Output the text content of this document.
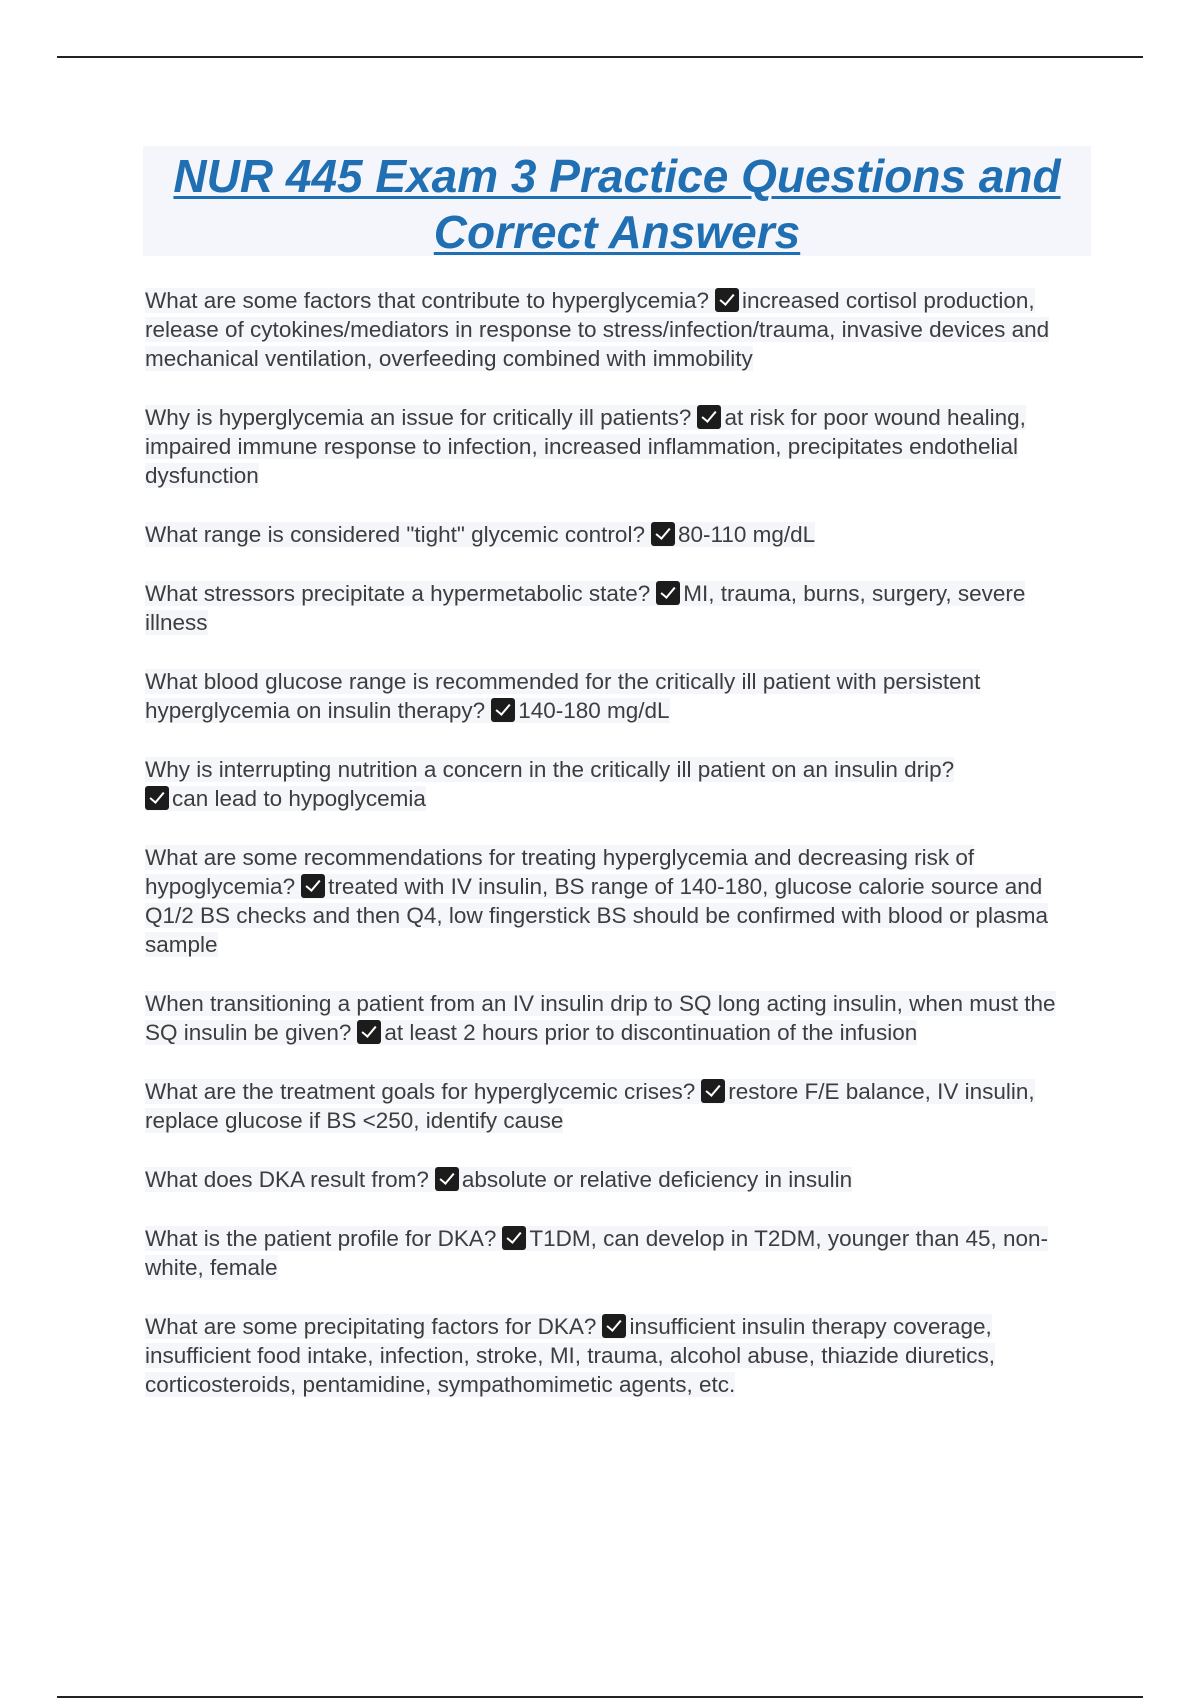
NUR 445 Exam 3 Practice Questions and Correct Answers

What are some factors that contribute to hyperglycemia? increased cortisol production, release of cytokines/mediators in response to stress/infection/trauma, invasive devices and mechanical ventilation, overfeeding combined with immobility

Why is hyperglycemia an issue for critically ill patients? at risk for poor wound healing, impaired immune response to infection, increased inflammation, precipitates endothelial dysfunction

What range is considered "tight" glycemic control? 80-110 mg/dL

What stressors precipitate a hypermetabolic state? MI, trauma, burns, surgery, severe illness

What blood glucose range is recommended for the critically ill patient with persistent hyperglycemia on insulin therapy? 140-180 mg/dL

Why is interrupting nutrition a concern in the critically ill patient on an insulin drip?
can lead to hypoglycemia

What are some recommendations for treating hyperglycemia and decreasing risk of hypoglycemia? treated with IV insulin, BS range of 140-180, glucose calorie source and Q1/2 BS checks and then Q4, low fingerstick BS should be confirmed with blood or plasma sample

When transitioning a patient from an IV insulin drip to SQ long acting insulin, when must the SQ insulin be given? at least 2 hours prior to discontinuation of the infusion

What are the treatment goals for hyperglycemic crises? restore F/E balance, IV insulin, replace glucose if BS <250, identify cause

What does DKA result from? absolute or relative deficiency in insulin

What is the patient profile for DKA? T1DM, can develop in T2DM, younger than 45, non-white, female

What are some precipitating factors for DKA? insufficient insulin therapy coverage, insufficient food intake, infection, stroke, MI, trauma, alcohol abuse, thiazide diuretics, corticosteroids, pentamidine, sympathomimetic agents, etc.
